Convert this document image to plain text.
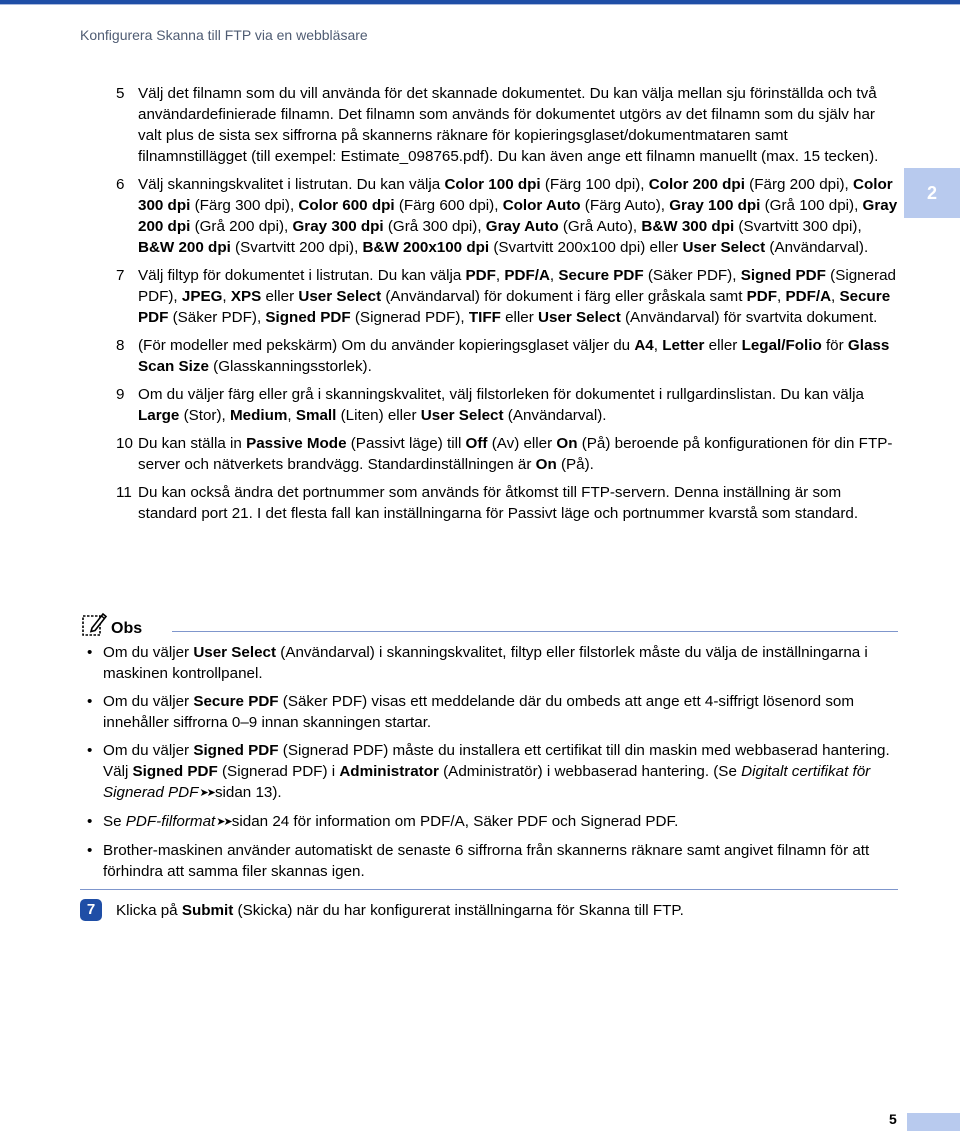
Konfigurera Skanna till FTP via en webbläsare
2
5 Välj det filnamn som du vill använda för det skannade dokumentet. Du kan välja mellan sju förinställda och två användardefinierade filnamn. Det filnamn som används för dokumentet utgörs av det filnamn som du själv har valt plus de sista sex siffrorna på skannerns räknare för kopieringsglaset/dokumentmataren samt filnamnstillägget (till exempel: Estimate_098765.pdf). Du kan även ange ett filnamn manuellt (max. 15 tecken).
6 Välj skanningskvalitet i listrutan. Du kan välja Color 100 dpi (Färg 100 dpi), Color 200 dpi (Färg 200 dpi), Color 300 dpi (Färg 300 dpi), Color 600 dpi (Färg 600 dpi), Color Auto (Färg Auto), Gray 100 dpi (Grå 100 dpi), Gray 200 dpi (Grå 200 dpi), Gray 300 dpi (Grå 300 dpi), Gray Auto (Grå Auto), B&W 300 dpi (Svartvitt 300 dpi), B&W 200 dpi (Svartvitt 200 dpi), B&W 200x100 dpi (Svartvitt 200x100 dpi) eller User Select (Användarval).
7 Välj filtyp för dokumentet i listrutan. Du kan välja PDF, PDF/A, Secure PDF (Säker PDF), Signed PDF (Signerad PDF), JPEG, XPS eller User Select (Användarval) för dokument i färg eller gråskala samt PDF, PDF/A, Secure PDF (Säker PDF), Signed PDF (Signerad PDF), TIFF eller User Select (Användarval) för svartvita dokument.
8 (För modeller med pekskärm) Om du använder kopieringsglaset väljer du A4, Letter eller Legal/Folio för Glass Scan Size (Glasskanningsstorlek).
9 Om du väljer färg eller grå i skanningskvalitet, välj filstorleken för dokumentet i rullgardinslistan. Du kan välja Large (Stor), Medium, Small (Liten) eller User Select (Användarval).
10 Du kan ställa in Passive Mode (Passivt läge) till Off (Av) eller On (På) beroende på konfigurationen för din FTP-server och nätverkets brandvägg. Standardinställningen är On (På).
11 Du kan också ändra det portnummer som används för åtkomst till FTP-servern. Denna inställning är som standard port 21. I det flesta fall kan inställningarna för Passivt läge och portnummer kvarstå som standard.
Obs
• Om du väljer User Select (Användarval) i skanningskvalitet, filtyp eller filstorlek måste du välja de inställningarna i maskinen kontrollpanel.
• Om du väljer Secure PDF (Säker PDF) visas ett meddelande där du ombeds att ange ett 4-siffrigt lösenord som innehåller siffrorna 0–9 innan skanningen startar.
• Om du väljer Signed PDF (Signerad PDF) måste du installera ett certifikat till din maskin med webbaserad hantering. Välj Signed PDF (Signerad PDF) i Administrator (Administratör) i webbaserad hantering. (Se Digitalt certifikat för Signerad PDF ➤➤ sidan 13).
• Se PDF-filformat ➤➤ sidan 24 för information om PDF/A, Säker PDF och Signerad PDF.
• Brother-maskinen använder automatiskt de senaste 6 siffrorna från skannerns räknare samt angivet filnamn för att förhindra att samma filer skannas igen.
7	Klicka på Submit (Skicka) när du har konfigurerat inställningarna för Skanna till FTP.
5
